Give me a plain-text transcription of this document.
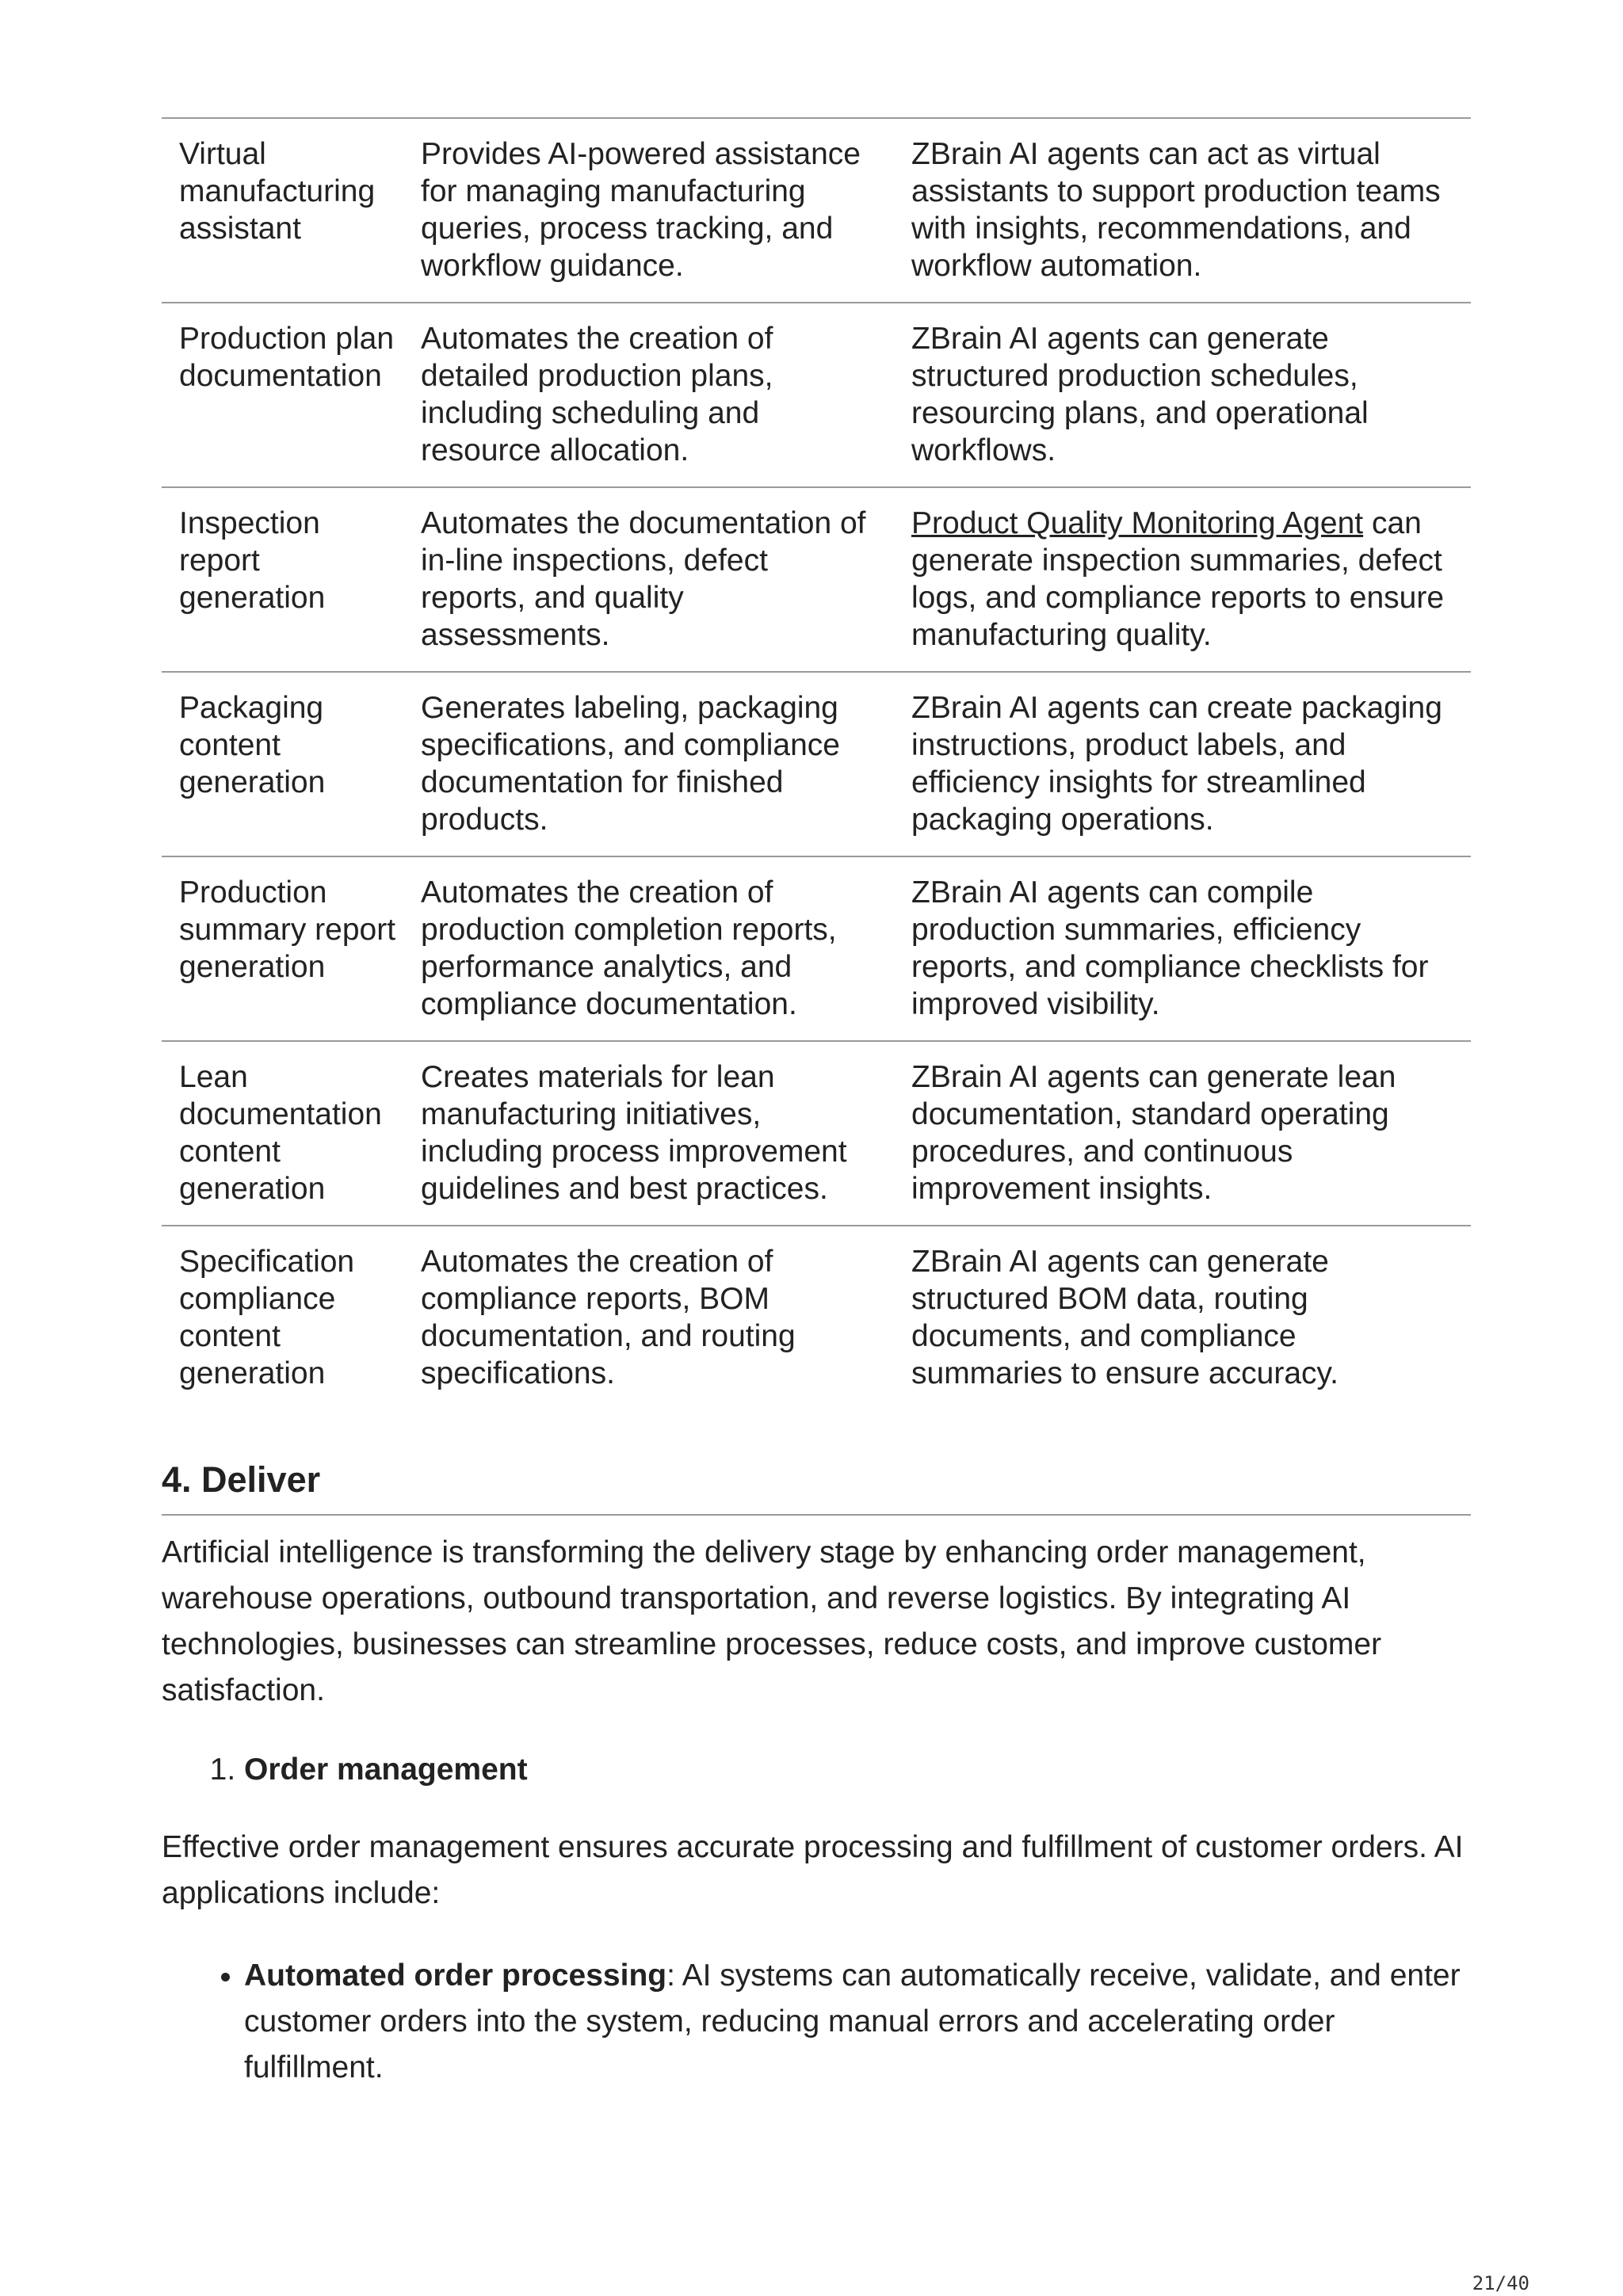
Virtual manufacturing assistant	Provides AI-powered assistance for managing manufacturing queries, process tracking, and workflow guidance.	ZBrain AI agents can act as virtual assistants to support production teams with insights, recommendations, and workflow automation.
Production plan documentation	Automates the creation of detailed production plans, including scheduling and resource allocation.	ZBrain AI agents can generate structured production schedules, resourcing plans, and operational workflows.
Inspection report generation	Automates the documentation of in-line inspections, defect reports, and quality assessments.	Product Quality Monitoring Agent can generate inspection summaries, defect logs, and compliance reports to ensure manufacturing quality.
Packaging content generation	Generates labeling, packaging specifications, and compliance documentation for finished products.	ZBrain AI agents can create packaging instructions, product labels, and efficiency insights for streamlined packaging operations.
Production summary report generation	Automates the creation of production completion reports, performance analytics, and compliance documentation.	ZBrain AI agents can compile production summaries, efficiency reports, and compliance checklists for improved visibility.
Lean documentation content generation	Creates materials for lean manufacturing initiatives, including process improvement guidelines and best practices.	ZBrain AI agents can generate lean documentation, standard operating procedures, and continuous improvement insights.
Specification compliance content generation	Automates the creation of compliance reports, BOM documentation, and routing specifications.	ZBrain AI agents can generate structured BOM data, routing documents, and compliance summaries to ensure accuracy.
4. Deliver

Artificial intelligence is transforming the delivery stage by enhancing order management, warehouse operations, outbound transportation, and reverse logistics. By integrating AI technologies, businesses can streamline processes, reduce costs, and improve customer satisfaction.

1. Order management

Effective order management ensures accurate processing and fulfillment of customer orders. AI applications include:

• Automated order processing: AI systems can automatically receive, validate, and enter customer orders into the system, reducing manual errors and accelerating order fulfillment.
21/40
